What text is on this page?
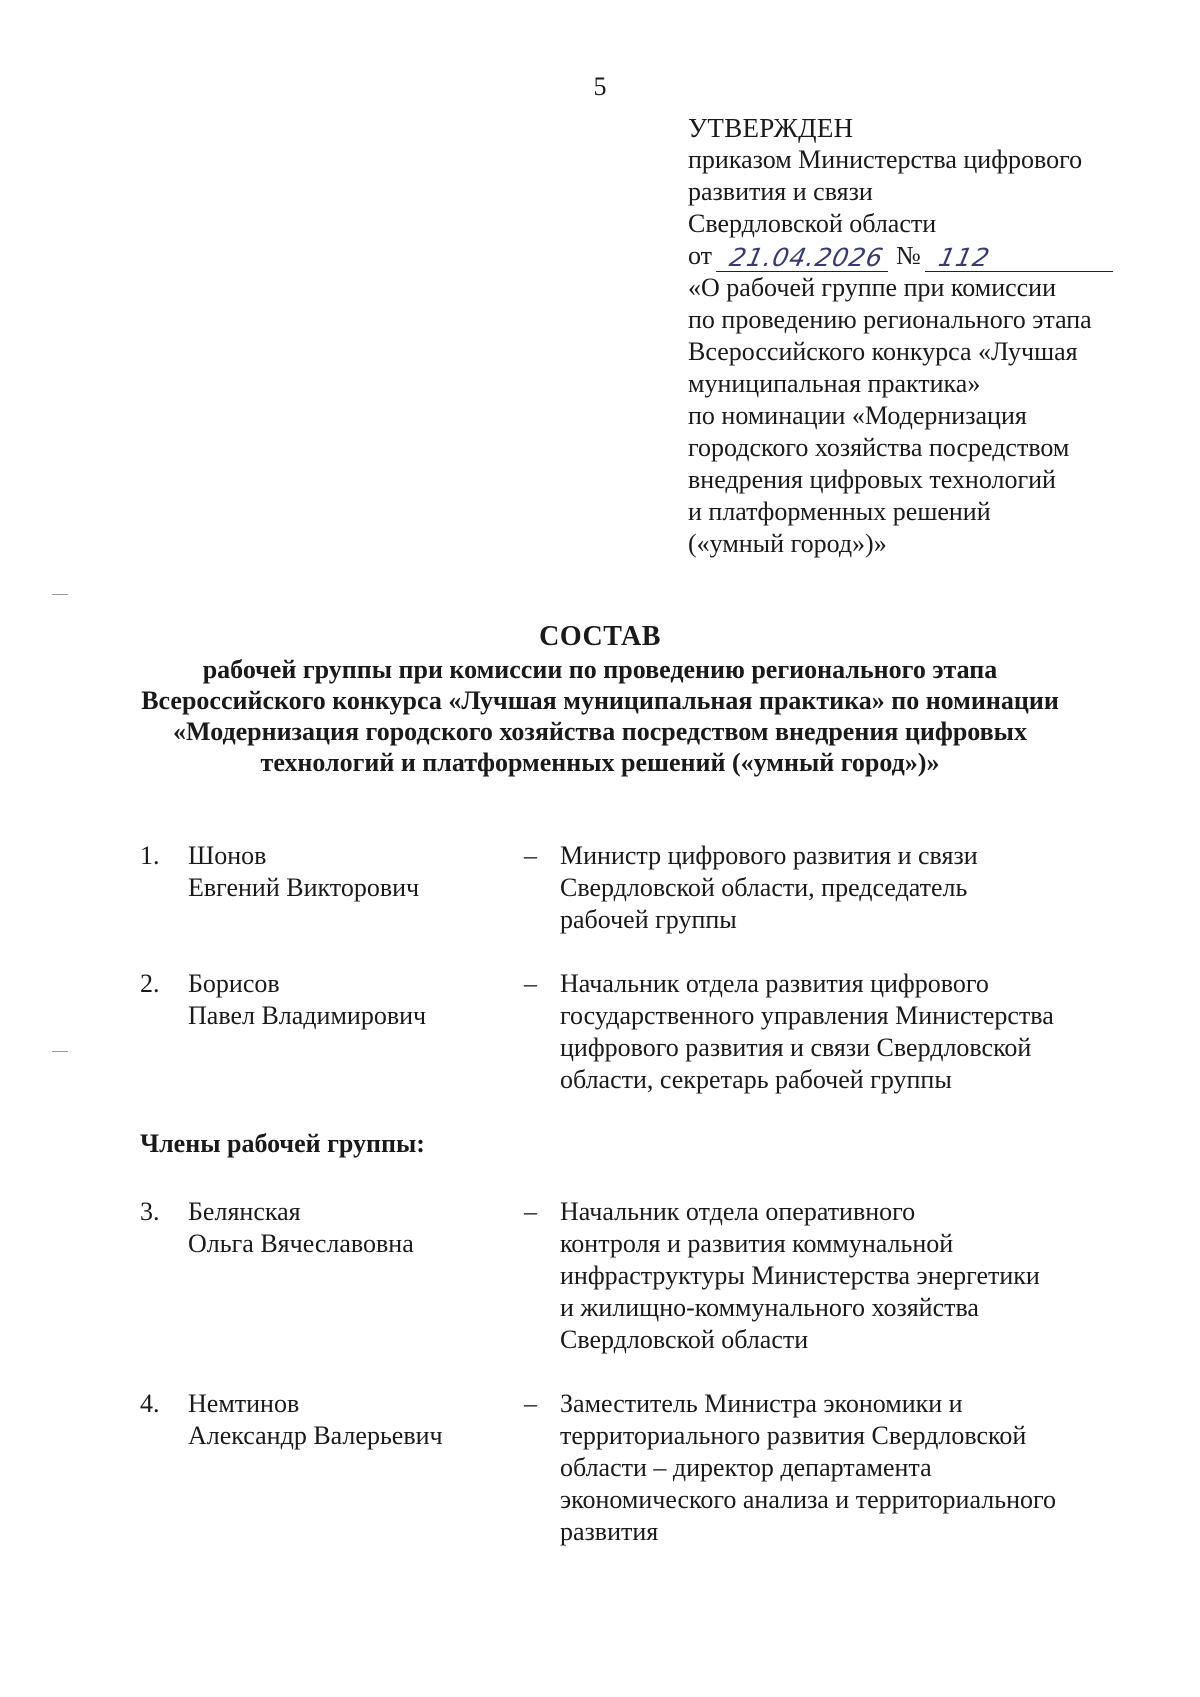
5
УТВЕРЖДЕН
приказом Министерства цифрового
развития и связи
Свердловской области
от 21.04.2026 № 112
«О рабочей группе при комиссии
по проведению регионального этапа
Всероссийского конкурса «Лучшая
муниципальная практика»
по номинации «Модернизация
городского хозяйства посредством
внедрения цифровых технологий
и платформенных решений
(«умный город»)»
СОСТАВ
рабочей группы при комиссии по проведению регионального этапа
Всероссийского конкурса «Лучшая муниципальная практика» по номинации
«Модернизация городского хозяйства посредством внедрения цифровых
технологий и платформенных решений («умный город»)»
1.	Шонов
Евгений Викторович
– Министр цифрового развития и связи
Свердловской области, председатель
рабочей группы
2.	Борисов
Павел Владимирович
– Начальник отдела развития цифрового
государственного управления Министерства
цифрового развития и связи Свердловской
области, секретарь рабочей группы
Члены рабочей группы:
3.	Белянская
Ольга Вячеславовна
– Начальник отдела оперативного
контроля и развития коммунальной
инфраструктуры Министерства энергетики
и жилищно-коммунального хозяйства
Свердловской области
4.	Немтинов
Александр Валерьевич
– Заместитель Министра экономики и
территориального развития Свердловской
области – директор департамента
экономического анализа и территориального
развития
